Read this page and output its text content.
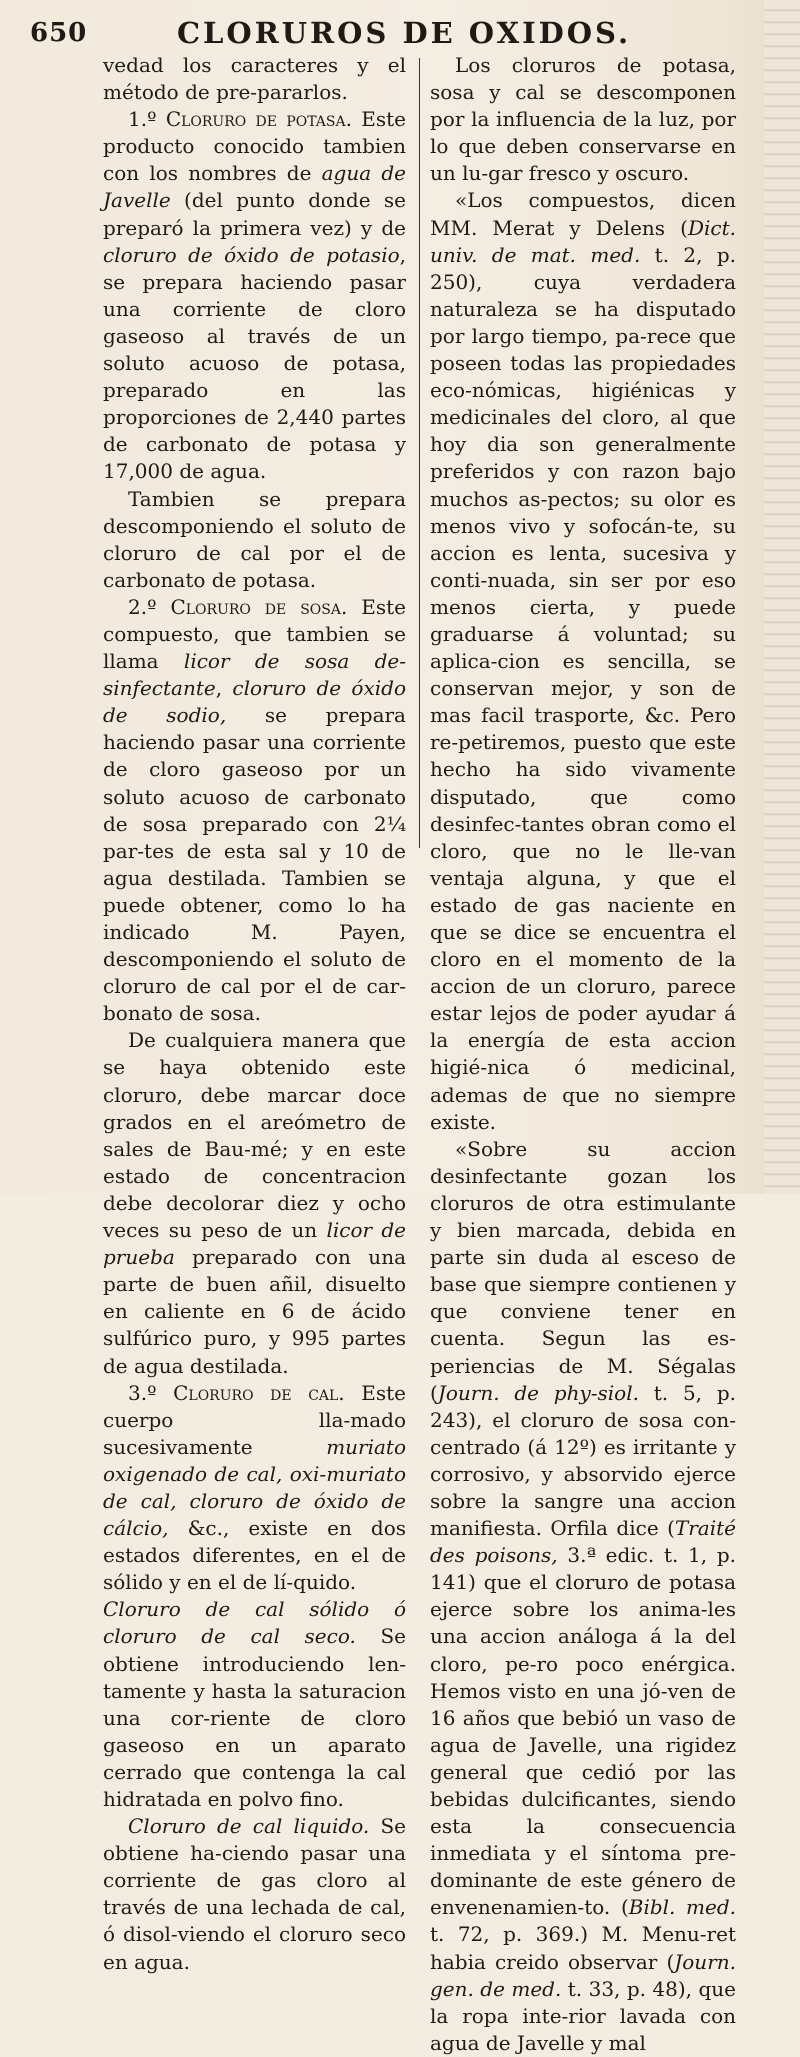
650	CLORUROS DE OXIDOS.

vedad los caracteres y el método de pre-pararlos.

1.º Cloruro de potasa. Este producto conocido tambien con los nombres de agua de Javelle (del punto donde se preparó la primera vez) y de cloruro de óxido de potasio, se prepara haciendo pasar una corriente de cloro gaseoso al través de un soluto acuoso de potasa, preparado en las proporciones de 2,440 partes de carbonato de potasa y 17,000 de agua.

Tambien se prepara descomponiendo el soluto de cloruro de cal por el de carbonato de potasa.

2.º Cloruro de sosa. Este compuesto, que tambien se llama licor de sosa de-sinfectante, cloruro de óxido de sodio, se prepara haciendo pasar una corriente de cloro gaseoso por un soluto acuoso de carbonato de sosa preparado con 2¼ par-tes de esta sal y 10 de agua destilada. Tambien se puede obtener, como lo ha indicado M. Payen, descomponiendo el soluto de cloruro de cal por el de car-bonato de sosa.

De cualquiera manera que se haya obtenido este cloruro, debe marcar doce grados en el areómetro de sales de Bau-mé; y en este estado de concentracion debe decolorar diez y ocho veces su peso de un licor de prueba preparado con una parte de buen añil, disuelto en caliente en 6 de ácido sulfúrico puro, y 995 partes de agua destilada.

3.º Cloruro de cal. Este cuerpo lla-mado sucesivamente muriato oxigenado de cal, oxi-muriato de cal, cloruro de óxido de cálcio, &c., existe en dos estados diferentes, en el de sólido y en el de lí-quido.

Cloruro de cal sólido ó cloruro de cal seco. Se obtiene introduciendo len-tamente y hasta la saturacion una cor-riente de cloro gaseoso en un aparato cerrado que contenga la cal hidratada en polvo fino.

Cloruro de cal liquido. Se obtiene ha-ciendo pasar una corriente de gas cloro al través de una lechada de cal, ó disol-viendo el cloruro seco en agua.

Los cloruros de potasa, sosa y cal se descomponen por la influencia de la luz, por lo que deben conservarse en un lu-gar fresco y oscuro.

«Los compuestos, dicen MM. Merat y Delens (Dict. univ. de mat. med. t. 2, p. 250), cuya verdadera naturaleza se ha disputado por largo tiempo, pa-rece que poseen todas las propiedades eco-nómicas, higiénicas y medicinales del cloro, al que hoy dia son generalmente preferidos y con razon bajo muchos as-pectos; su olor es menos vivo y sofocán-te, su accion es lenta, sucesiva y conti-nuada, sin ser por eso menos cierta, y puede graduarse á voluntad; su aplica-cion es sencilla, se conservan mejor, y son de mas facil trasporte, &c. Pero re-petiremos, puesto que este hecho ha sido vivamente disputado, que como desinfec-tantes obran como el cloro, que no le lle-van ventaja alguna, y que el estado de gas naciente en que se dice se encuentra el cloro en el momento de la accion de un cloruro, parece estar lejos de poder ayudar á la energía de esta accion higié-nica ó medicinal, ademas de que no siempre existe.

«Sobre su accion desinfectante gozan los cloruros de otra estimulante y bien marcada, debida en parte sin duda al esceso de base que siempre contienen y que conviene tener en cuenta. Segun las es-periencias de M. Ségalas (Journ. de phy-siol. t. 5, p. 243), el cloruro de sosa con-centrado (á 12º) es irritante y corrosivo, y absorvido ejerce sobre la sangre una accion manifiesta. Orfila dice (Traité des poisons, 3.ª edic. t. 1, p. 141) que el cloruro de potasa ejerce sobre los anima-les una accion análoga á la del cloro, pe-ro poco enérgica. Hemos visto en una jó-ven de 16 años que bebió un vaso de agua de Javelle, una rigidez general que cedió por las bebidas dulcificantes, siendo esta la consecuencia inmediata y el síntoma pre-dominante de este género de envenenamien-to. (Bibl. med. t. 72, p. 369.) M. Menu-ret habia creido observar (Journ. gen. de med. t. 33, p. 48), que la ropa inte-rior lavada con agua de Javelle y mal
